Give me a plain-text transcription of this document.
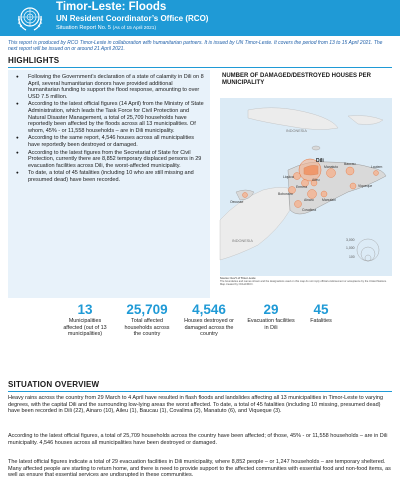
Timor-Leste: Floods
UN Resident Coordinator’s Office (RCO)
Situation Report No. 5 (As of 15 April 2021)
This report is produced by RCO Timor-Leste in collaboration with humanitarian partners. It is issued by UN Timor-Leste. It covers the period from 13 to 15 April 2021. The next report will be issued on or around 21 April 2021.
HIGHLIGHTS
● Following the Government’s declaration of a state of calamity in Dili on 8 April, several humanitarian donors have provided additional humanitarian funding to support the flood response, amounting to over USD 7.5 million.
● According to the latest official figures (14 April) from the Ministry of State Administration, which leads the Task Force for Civil Protection and Natural Disaster Management, a total of 25,709 households have reportedly been affected by the floods across all 13 municipalities. Of whom, 45% - or 11,558 households – are in Dili municipality.
● According to the same report, 4,546 houses across all municipalities have reportedly been destroyed or damaged.
● According to the latest figures from the Secretariat of State for Civil Protection, currently there are 8,852 temporary displaced persons in 29 evacuation facilities across Dili, the worst-affected municipality.
● To date, a total of 45 fatalities (including 10 who are still missing and presumed dead) have been recorded.
INDONESIA
INDONESIA
Dili
Liquica
Manatuto
Baucau
Lautem
Viqueque
Ermera
Aileu
Ainaro Manufahi
Covalima
Bobonaro
Oecusse
3,000
1,000
100
NUMBER OF DAMAGED/DESTROYED HOUSES PER MUNICIPALITY
Source: Gov't of Timor-Leste
The boundaries and names shown and the designations used on this map do not imply official endorsement or acceptance by the United Nations. Map created by OCHA/RCO.
13
Municipalities affected (out of 13 municipalities)
25,709
Total affected households across the country
4,546
Houses destroyed or damaged across the country
29
Evacuation facilities in Dili
45
Fatalities
SITUATION OVERVIEW

Heavy rains across the country from 29 March to 4 April have resulted in flash floods and landslides affecting all 13 municipalities in Timor-Leste to varying degrees, with the capital Dili and the surrounding low-lying areas the worst affected. To date, a total of 45 fatalities (including 10 missing, presumed dead) have been recorded in Dili (22), Ainaro (10), Aileu (1), Baucau (1), Covalima (2), Manatuto (6), and Viqueque (3).

According to the latest official figures, a total of 25,709 households across the country have been affected; of those, 45% - or 11,558 households – are in Dili municipality. 4,546 houses across all municipalities have been destroyed or damaged.

The latest official figures indicate a total of 29 evacuation facilities in Dili municipality, where 8,852 people – or 1,247 households – are temporary sheltered. Many affected people are starting to return home, and there is need to provide support to the affected communities with essential food and non-food items, as well as ensure that essential services are undisrupted in these communities.
